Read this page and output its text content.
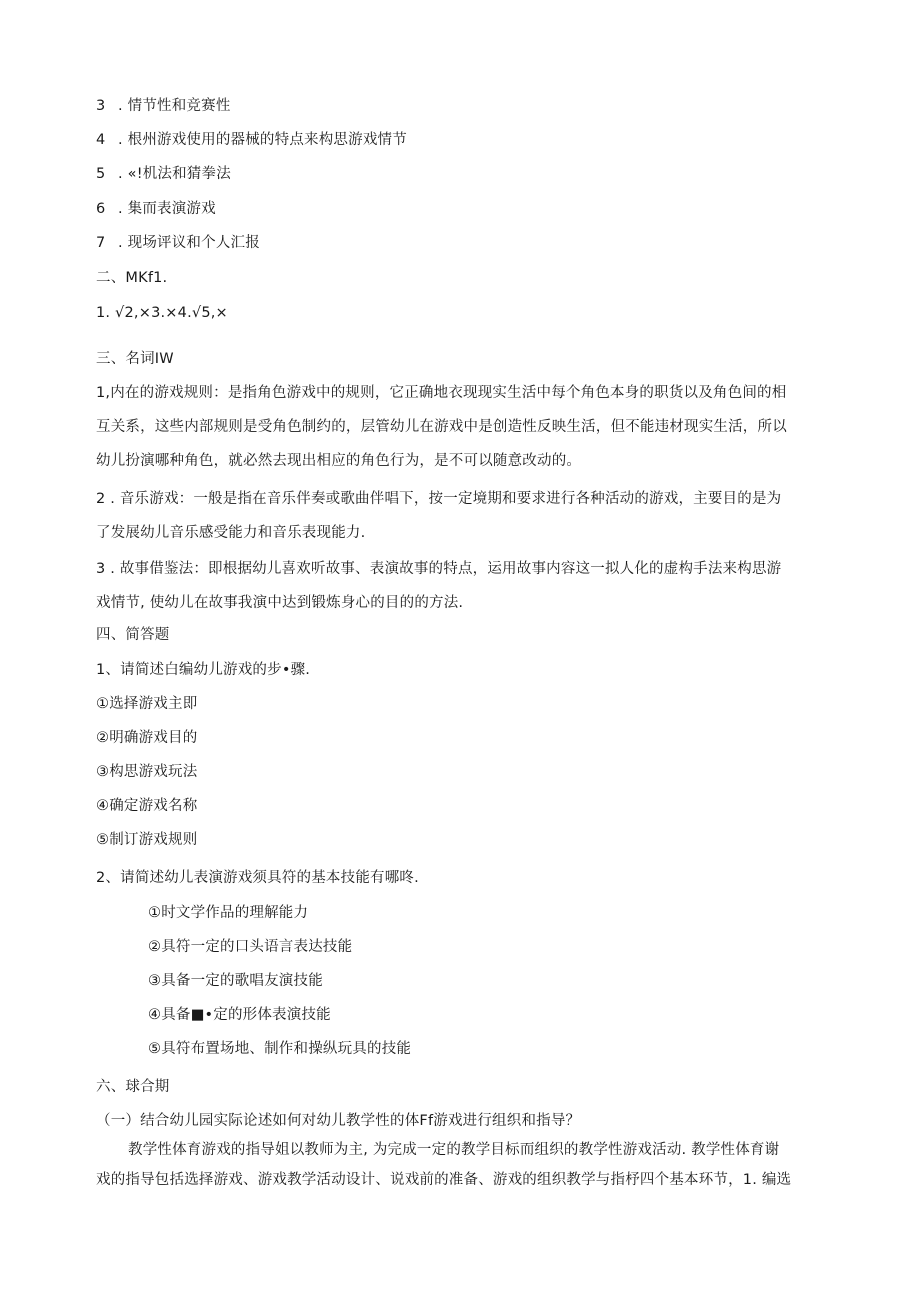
3 . 情节性和竞赛性
4 . 根州游戏使用的器械的特点来构思游戏情节
5 . «!机法和猜拳法
6 . 集而表演游戏
7 . 现场评议和个人汇报
二、MKf1.
1. √2,×3.×4.√5,×
三、名词IW
1,内在的游戏规则：是指角色游戏中的规则，它正确地衣现现实生活中每个角色本身的职货以及角色间的相
互关系，这些内部规则是受角色制约的，层管幼儿在游戏中是创造性反映生活，但不能违材现实生活，所以
幼儿扮演哪种角色，就必然去现出相应的角色行为，是不可以随意改动的。
2 . 音乐游戏：一般是指在音乐伴奏或歌曲伴唱下，按一定境期和要求进行各种活动的游戏，主要目的是为
了发展幼儿音乐感受能力和音乐表现能力.
3 . 故事借鉴法：即根据幼儿喜欢听故事、表演故事的特点，运用故事内容这一拟人化的虚构手法来构思游
戏情节, 使幼儿在故事我演中达到锻炼身心的目的的方法.
四、简答题
1、请简述白编幼儿游戏的步•骤.
①选择游戏主即
②明确游戏目的
③构思游戏玩法
④确定游戏名称
⑤制订游戏规则
2、请简述幼儿表演游戏须具符的基本技能有哪咚.
①时文学作品的理解能力
②具符一定的口头语言表达技能
③具备一定的歌唱友演技能
④具备■•定的形体表演技能
⑤具符布置场地、制作和操纵玩具的技能
六、球合期
（一）结合幼儿园实际论述如何对幼儿教学性的体Ff游戏进行组织和指导？
教学性体育游戏的指导姐以教师为主, 为完成一定的教学目标而组织的教学性游戏活动. 教学性体育谢
戏的指导包括选择游戏、游戏教学活动设计、说戏前的准备、游戏的组织教学与指杼四个基本环节，1. 编选
